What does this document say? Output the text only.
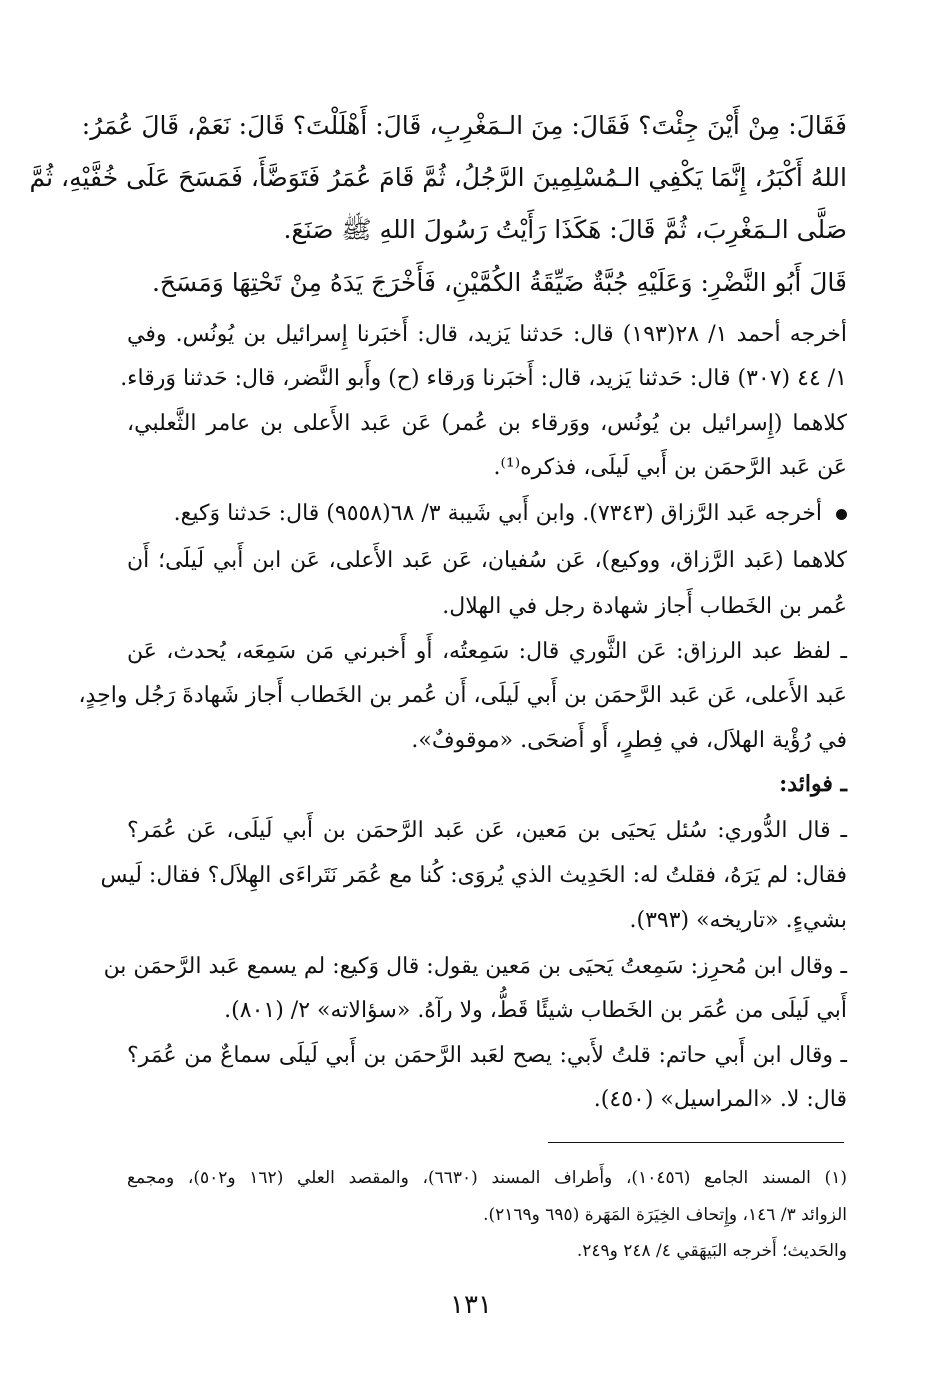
فَقَالَ: مِنْ أَيْنَ جِئْتَ؟ فَقَالَ: مِنَ الـمَغْرِبِ، قَالَ: أَهْلَلْتَ؟ قَالَ: نَعَمْ، قَالَ عُمَرُ:
اللهُ أَكْبَرُ، إِنَّمَا يَكْفِي الـمُسْلِمِينَ الرَّجُلُ، ثُمَّ قَامَ عُمَرُ فَتَوَضَّأَ، فَمَسَحَ عَلَى خُفَّيْهِ، ثُمَّ
صَلَّى الـمَغْرِبَ، ثُمَّ قَالَ: هَكَذَا رَأَيْتُ رَسُولَ اللهِ ﷺ صَنَعَ.
قَالَ أَبُو النَّضْرِ: وَعَلَيْهِ جُبَّةٌ ضَيِّقَةُ الكُمَّيْنِ، فَأَخْرَجَ يَدَهُ مِنْ تَحْتِهَا وَمَسَحَ.
أخرجه أحمد ١/ ٢٨(١٩٣) قال: حَدثنا يَزيد، قال: أَخبَرنا إِسرائيل بن يُونُس. وفي
١/ ٤٤ (٣٠٧) قال: حَدثنا يَزيد، قال: أَخبَرنا وَرقاء (ح) وأَبو النَّضر، قال: حَدثنا وَرقاء.
كلاهما (إِسرائيل بن يُونُس، ووَرقاء بن عُمر) عَن عَبد الأَعلى بن عامر الثَّعلبي،
عَن عَبد الرَّحمَن بن أَبي لَيلَى، فذكره⁽¹⁾.
أخرجه عَبد الرَّزاق (٧٣٤٣). وابن أَبي شَيبة ٣/ ٦٨(٩٥٥٨) قال: حَدثنا وَكيع.
كلاهما (عَبد الرَّزاق، ووكيع)، عَن سُفيان، عَن عَبد الأَعلى، عَن ابن أَبي لَيلَى؛ أَن
عُمر بن الخَطاب أَجاز شهادة رجل في الهلال.
ـ لفظ عبد الرزاق: عَن الثَّوري قال: سَمِعتُه، أَو أَخبرني مَن سَمِعَه، يُحدث، عَن
عَبد الأَعلى، عَن عَبد الرَّحمَن بن أَبي لَيلَى، أَن عُمر بن الخَطاب أَجاز شَهادةَ رَجُل واحِدٍ،
في رُؤْية الهلاَل، في فِطرٍ، أَو أَضحَى. «موقوفٌ».
ـ فوائد:
ـ قال الدُّوري: سُئل يَحيَى بن مَعين، عَن عَبد الرَّحمَن بن أَبي لَيلَى، عَن عُمَر؟
فقال: لم يَرَهُ، فقلتُ له: الحَدِيث الذي يُروَى: كُنا مع عُمَر نَتَراءَى الهِلاَل؟ فقال: لَيس
بشيءٍ. «تاريخه» (٣٩٣).
ـ وقال ابن مُحرِز: سَمِعتُ يَحيَى بن مَعين يقول: قال وَكيع: لم يسمع عَبد الرَّحمَن بن
أَبي لَيلَى من عُمَر بن الخَطاب شيئًا قَطُّ، ولا رآهُ. «سؤالاته» ٢/ (٨٠١).
ـ وقال ابن أَبي حاتم: قلتُ لأَبي: يصح لعَبد الرَّحمَن بن أَبي لَيلَى سماعٌ من عُمَر؟
قال: لا. «المراسيل» (٤٥٠).
(١) المسند الجامع (١٠٤٥٦)، وأَطراف المسند (٦٦٣٠)، والمقصد العلي (١٦٢ و٥٠٢)، ومجمع
الزوائد ٣/ ١٤٦، وإِتحاف الخِيَرَة المَهَرة (٦٩٥ و٢١٦٩).
والحَديث؛ أَخرجه البَيهَقي ٤/ ٢٤٨ و٢٤٩.
١٣١
